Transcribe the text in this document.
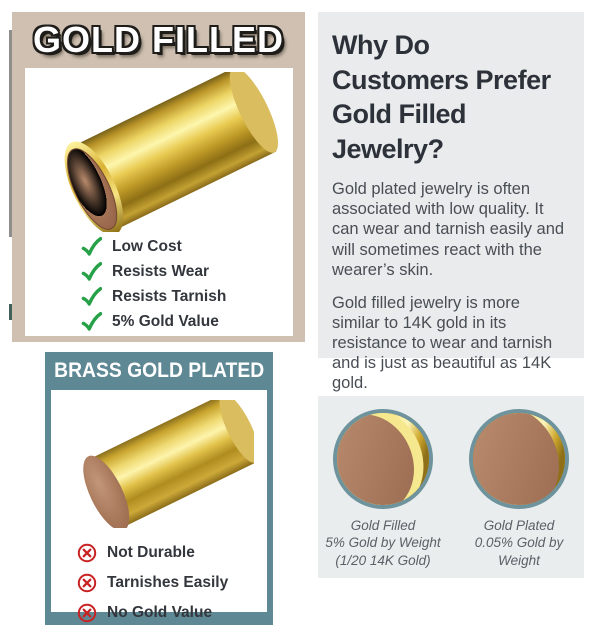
GOLD FILLED
Low Cost
Resists Wear
Resists Tarnish
5% Gold Value
BRASS GOLD PLATED
Not Durable
Tarnishes Easily
No Gold Value
Why Do Customers Prefer Gold Filled Jewelry?

Gold plated jewelry is often associated with low quality. It can wear and tarnish easily and will sometimes react with the wearer’s skin.

Gold filled jewelry is more similar to 14K gold in its resistance to wear and tarnish and is just as beautiful as 14K gold.

Gold Filled
5% Gold by Weight
(1/20 14K Gold)
Gold Plated
0.05% Gold by
Weight
